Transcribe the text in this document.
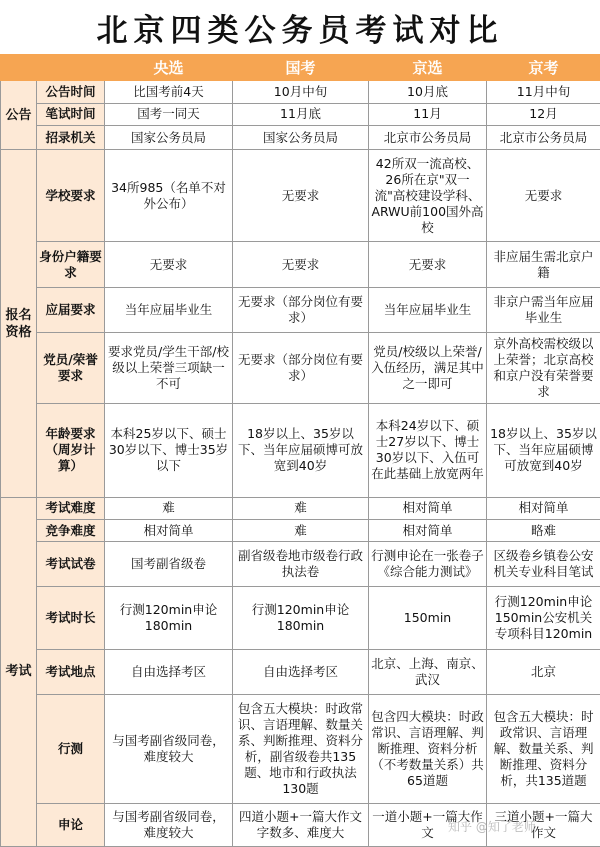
北京四类公务员考试对比
		央选	国考	京选	京考
公告	公告时间	比国考前4天	10月中旬	10月底	11月中旬
	笔试时间	国考一同天	11月底	11月	12月
	招录机关	国家公务员局	国家公务员局	北京市公务员局	北京市公务员局
报名资格	学校要求	34所985（名单不对外公布）	无要求	42所双一流高校、26所在京"双一流"高校建设学科、ARWU前100国外高校	无要求
	身份户籍要求	无要求	无要求	无要求	非应届生需北京户籍
	应届要求	当年应届毕业生	无要求（部分岗位有要求）	当年应届毕业生	非京户需当年应届毕业生
	党员/荣誉要求	要求党员/学生干部/校级以上荣誉三项缺一不可	无要求（部分岗位有要求）	党员/校级以上荣誉/入伍经历，满足其中之一即可	京外高校需校级以上荣誉；北京高校和京户没有荣誉要求
	年龄要求（周岁计算）	本科25岁以下、硕士30岁以下、博士35岁以下	18岁以上、35岁以下、当年应届硕博可放宽到40岁	本科24岁以下、硕士27岁以下、博士30岁以下、入伍可在此基础上放宽两年	18岁以上、35岁以下、当年应届硕博可放宽到40岁
考试	考试难度	难	难	相对简单	相对简单
	竞争难度	相对简单	难	相对简单	略难
	考试试卷	国考副省级卷	副省级卷地市级卷行政执法卷	行测申论在一张卷子《综合能力测试》	区级卷乡镇卷公安机关专业科目笔试
	考试时长	行测120min申论180min	行测120min申论180min	150min	行测120min申论150min公安机关专项科目120min
	考试地点	自由选择考区	自由选择考区	北京、上海、南京、武汉	北京
	行测	与国考副省级同卷，难度较大	包含五大模块：时政常识、言语理解、数量关系、判断推理、资料分析，副省级卷共135题、地市和行政执法130题	包含四大模块：时政常识、言语理解、判断推理、资料分析（不考数量关系）共65道题	包含五大模块：时政常识、言语理解、数量关系、判断推理、资料分析，共135道题
	申论	与国考副省级同卷，难度较大	四道小题+一篇大作文字数多、难度大	一道小题+一篇大作文	三道小题+一篇大作文
知乎 @知了老师
